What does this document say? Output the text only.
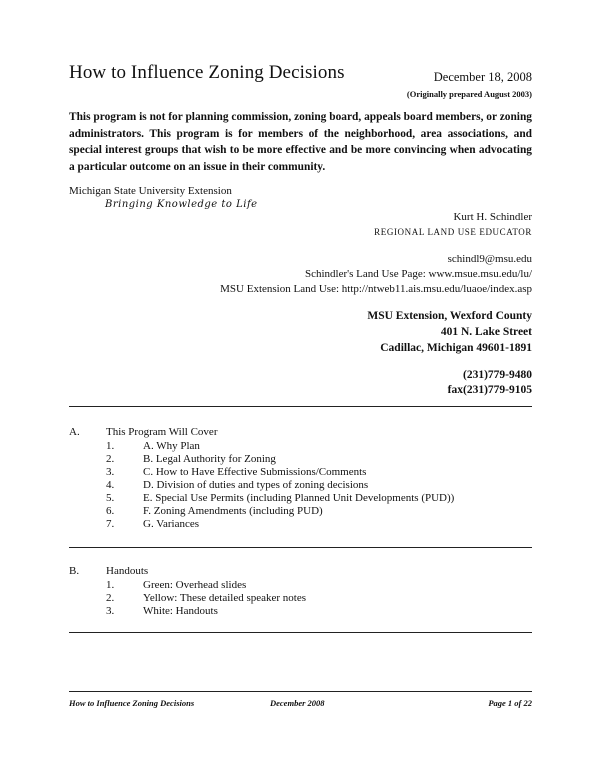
How to Influence Zoning Decisions	December 18, 2008
(Originally prepared August 2003)
This program is not for planning commission, zoning board, appeals board members, or zoning administrators. This program is for members of the neighborhood, area associations, and special interest groups that wish to be more effective and be more convincing when advocating a particular outcome on an issue in their community.
Michigan State University Extension
Bringing Knowledge to Life
Kurt H. Schindler
REGIONAL LAND USE EDUCATOR
schindl9@msu.edu
Schindler's Land Use Page: www.msue.msu.edu/lu/
MSU Extension Land Use: http://ntweb11.ais.msu.edu/luaoe/index.asp
MSU Extension, Wexford County
401 N. Lake Street
Cadillac, Michigan 49601-1891
(231)779-9480
fax(231)779-9105
A. This Program Will Cover
1.	A. Why Plan
2.	B. Legal Authority for Zoning
3.	C. How to Have Effective Submissions/Comments
4.	D. Division of duties and types of zoning decisions
5.	E. Special Use Permits (including Planned Unit Developments (PUD))
6.	F. Zoning Amendments (including PUD)
7.	G. Variances
B. Handouts
1.	Green: Overhead slides
2.	Yellow: These detailed speaker notes
3.	White: Handouts
How to Influence Zoning Decisions	December 2008	Page 1 of 22
